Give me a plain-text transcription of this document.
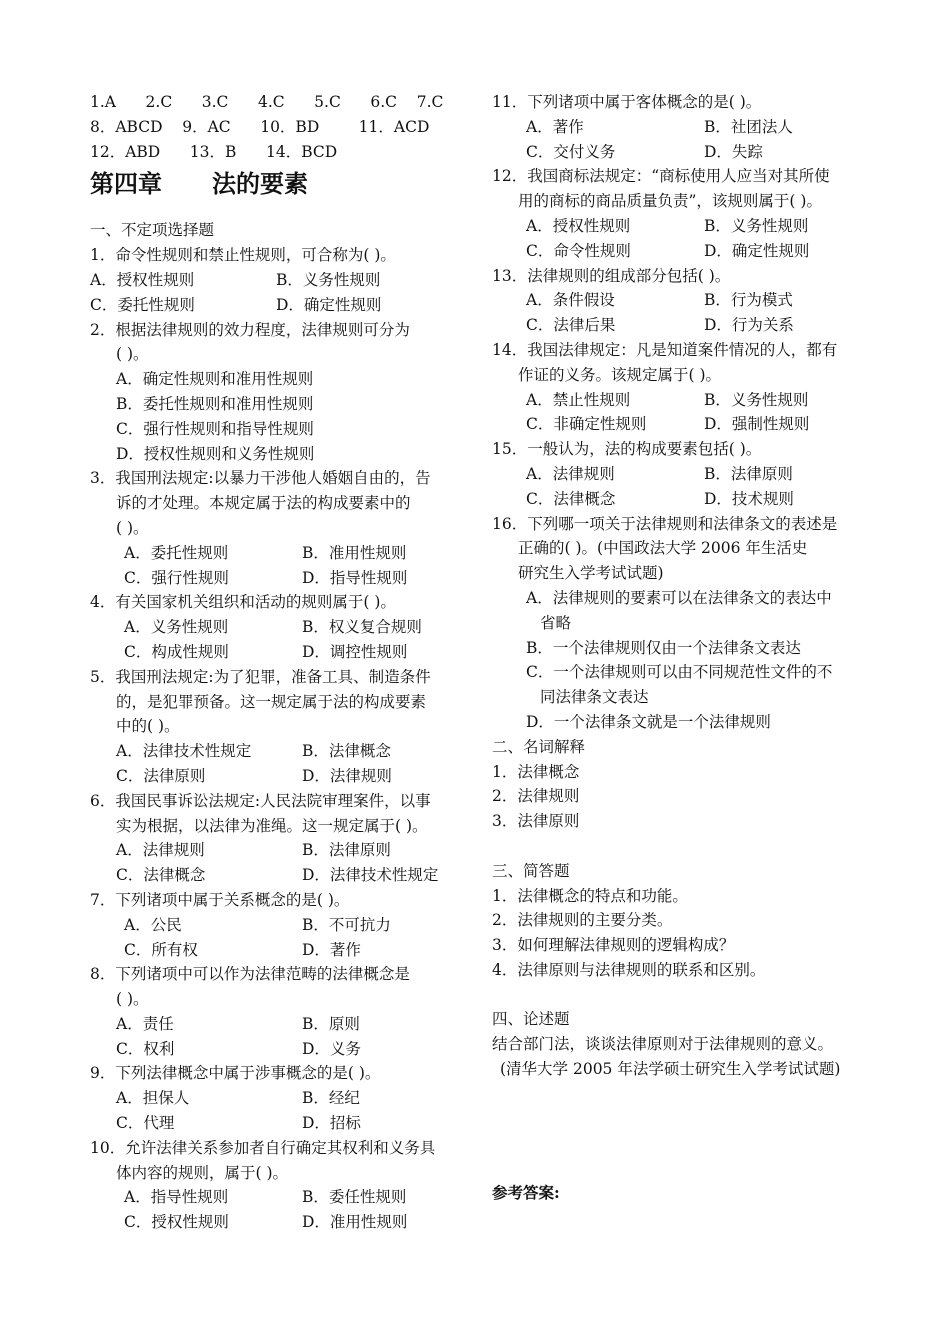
1.A      2.C      3.C      4.C      5.C      6.C    7.C
8．ABCD    9．AC      10．BD        11．ACD
12．ABD      13．B      14．BCD
第四章 法的要素
一、不定项选择题
1．命令性规则和禁止性规则，可合称为( )。
A．授权性规则	B．义务性规则
C．委托性规则	D．确定性规则
2．根据法律规则的效力程度，法律规则可分为
( )。
A．确定性规则和准用性规则
B．委托性规则和准用性规则
C．强行性规则和指导性规则
D．授权性规则和义务性规则
3．我国刑法规定:以暴力干涉他人婚姻自由的，告
诉的才处理。本规定属于法的构成要素中的
( )。
A．委托性规则	B．准用性规则
C．强行性规则	D．指导性规则
4．有关国家机关组织和活动的规则属于( )。
A．义务性规则	B．权义复合规则
C．构成性规则	D．调控性规则
5．我国刑法规定:为了犯罪，准备工具、制造条件
的，是犯罪预备。这一规定属于法的构成要素
中的( )。
A．法律技术性规定	B．法律概念
C．法律原则	D．法律规则
6．我国民事诉讼法规定:人民法院审理案件，以事
实为根据，以法律为准绳。这一规定属于( )。
A．法律规则	B．法律原则
C．法律概念	D．法律技术性规定
7．下列诸项中属于关系概念的是( )。
A．公民	B．不可抗力
C．所有权	D．著作
8．下列诸项中可以作为法律范畴的法律概念是
( )。
A．责任	B．原则
C．权利	D．义务
9．下列法律概念中属于涉事概念的是( )。
A．担保人	B．经纪
C．代理	D．招标
10．允许法律关系参加者自行确定其权利和义务具
体内容的规则，属于( )。
A．指导性规则	B．委任性规则
C．授权性规则	D．准用性规则
11．下列诸项中属于客体概念的是( )。
A．著作	B．社团法人
C．交付义务	D．失踪
12．我国商标法规定：“商标使用人应当对其所使
用的商标的商品质量负责”，该规则属于( )。
A．授权性规则	B．义务性规则
C．命令性规则	D．确定性规则
13．法律规则的组成部分包括( )。
A．条件假设	B．行为模式
C．法律后果	D．行为关系
14．我国法律规定：凡是知道案件情况的人，都有
作证的义务。该规定属于( )。
A．禁止性规则	B．义务性规则
C．非确定性规则	D．强制性规则
15．一般认为，法的构成要素包括( )。
A．法律规则	B．法律原则
C．法律概念	D．技术规则
16．下列哪一项关于法律规则和法律条文的表述是
正确的( )。(中国政法大学 2006 年生活史
研究生入学考试试题)
A．法律规则的要素可以在法律条文的表达中
省略
B．一个法律规则仅由一个法律条文表达
C．一个法律规则可以由不同规范性文件的不
同法律条文表达
D．一个法律条文就是一个法律规则
二、名词解释
1．法律概念
2．法律规则
3．法律原则
三、简答题
1．法律概念的特点和功能。
2．法律规则的主要分类。
3．如何理解法律规则的逻辑构成？
4．法律原则与法律规则的联系和区别。
四、论述题
结合部门法，谈谈法律原则对于法律规则的意义。
(清华大学 2005 年法学硕士研究生入学考试试题)
参考答案:
